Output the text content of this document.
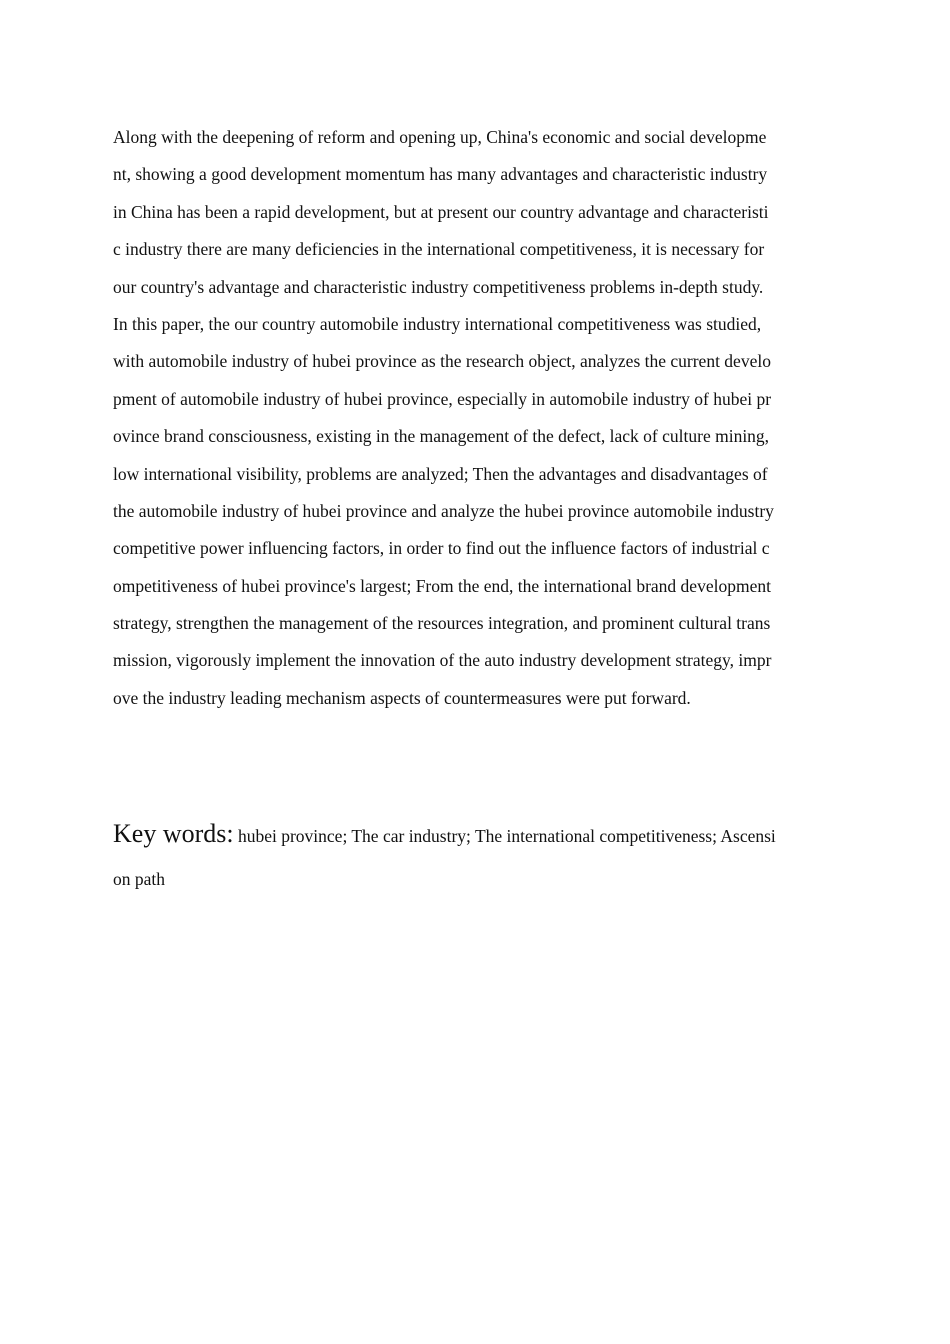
Along with the deepening of reform and opening up, China's economic and social developme
nt, showing a good development momentum has many advantages and characteristic industry
in China has been a rapid development, but at present our country advantage and characteristi
c industry there are many deficiencies in the international competitiveness, it is necessary for
our country's advantage and characteristic industry competitiveness problems in-depth study.
In this paper, the our country automobile industry international competitiveness was studied,
with automobile industry of hubei province as the research object, analyzes the current develo
pment of automobile industry of hubei province, especially in automobile industry of hubei pr
ovince brand consciousness, existing in the management of the defect, lack of culture mining,
low international visibility, problems are analyzed; Then the advantages and disadvantages of
the automobile industry of hubei province and analyze the hubei province automobile industry
competitive power influencing factors, in order to find out the influence factors of industrial c
ompetitiveness of hubei province's largest; From the end, the international brand development
strategy, strengthen the management of the resources integration, and prominent cultural trans
mission, vigorously implement the innovation of the auto industry development strategy, impr
ove the industry leading mechanism aspects of countermeasures were put forward.
Key words: hubei province; The car industry; The international competitiveness; Ascensi
on path
